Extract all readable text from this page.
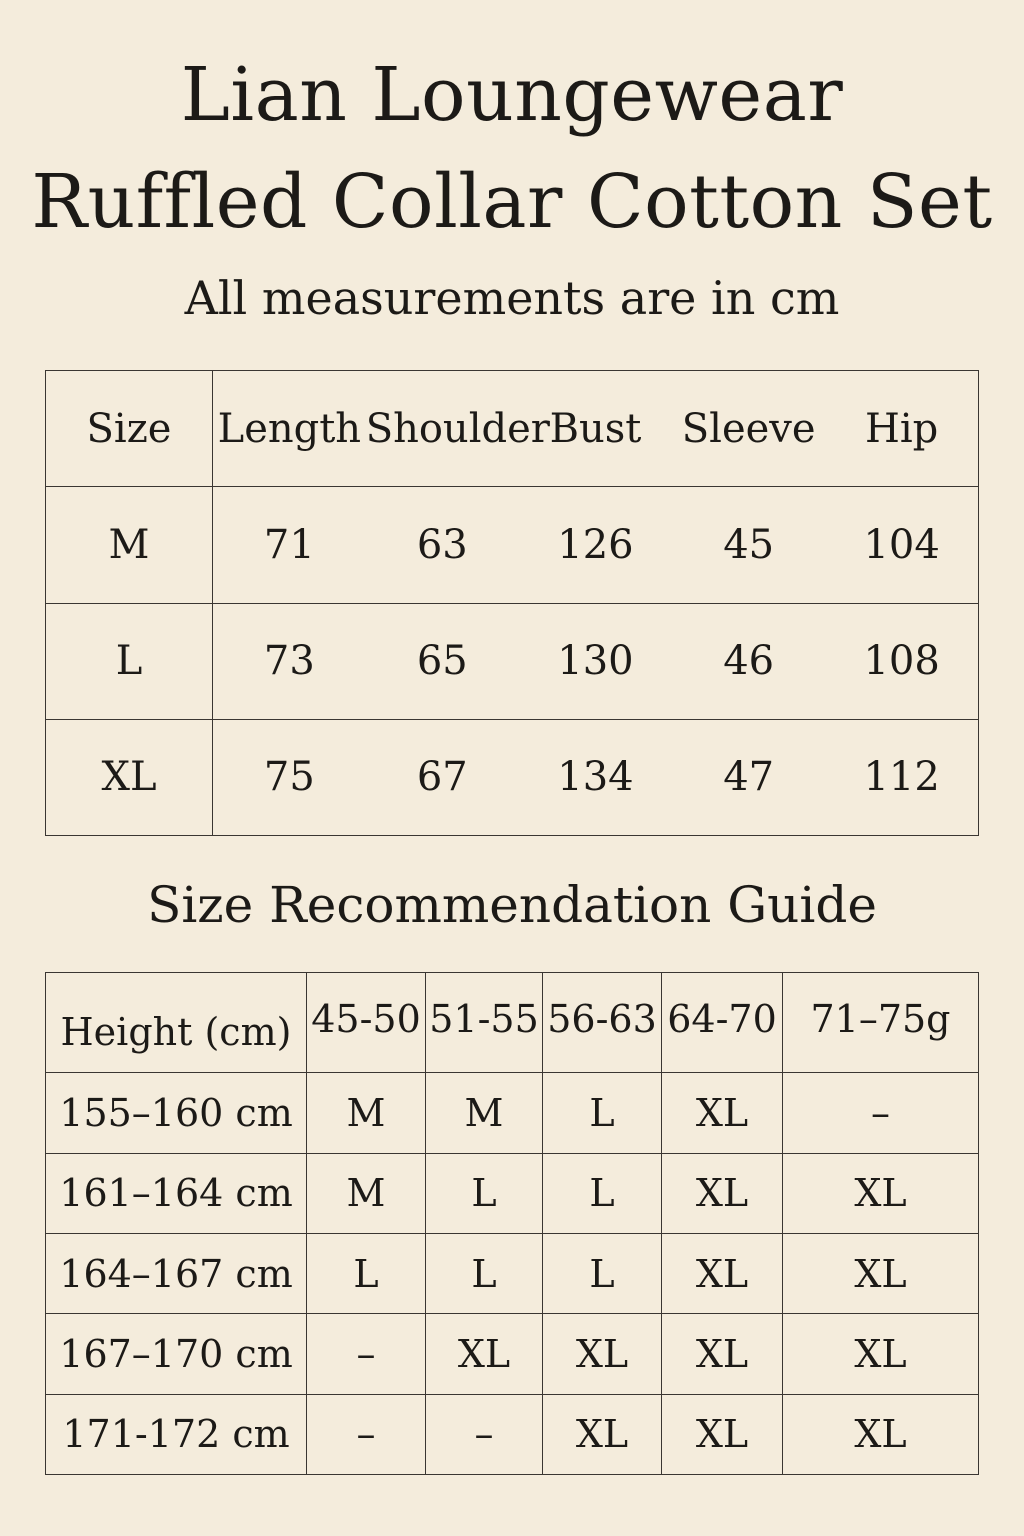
Lian Loungewear
Ruffled Collar Cotton Set
All measurements are in cm
Size	Length	Shoulder	Bust	Sleeve	Hip
M	71	63	126	45	104
L	73	65	130	46	108
XL	75	67	134	47	112
Size Recommendation Guide
Height (cm)	45-50	51-55	56-63	64-70	71–75g
155–160 cm	M	M	L	XL	–
161–164 cm	M	L	L	XL	XL
164–167 cm	L	L	L	XL	XL
167–170 cm	–	XL	XL	XL	XL
171-172 cm	–	–	XL	XL	XL
